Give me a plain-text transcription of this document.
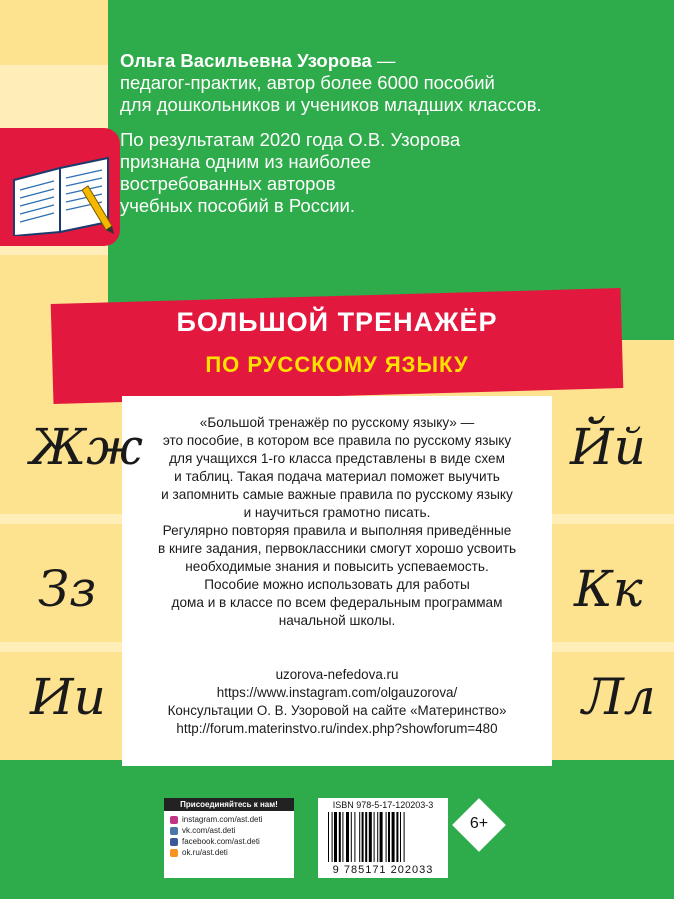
Ольга Васильевна Узорова —
педагог-практик, автор более 6000 пособий
для дошкольников и учеников младших классов.

По результатам 2020 года О.В. Узорова
признана одним из наиболее
востребованных авторов
учебных пособий в России.

БОЛЬШОЙ ТРЕНАЖЁР
ПО РУССКОМУ ЯЗЫКУ
«Большой тренажёр по русскому языку» —
это пособие, в котором все правила по русскому языку
для учащихся 1-го класса представлены в виде схем
и таблиц. Такая подача материал поможет выучить
и запомнить самые важные правила по русскому языку
и научиться грамотно писать.
Регулярно повторяя правила и выполняя приведённые
в книге задания, первоклассники смогут хорошо усвоить
необходимые знания и повысить успеваемость.
Пособие можно использовать для работы
дома и в классе по всем федеральным программам
начальной школы.
uzorova-nefedova.ru
https://www.instagram.com/olgauzorova/
Консультации О. В. Узоровой на сайте «Материнство»
http://forum.materinstvo.ru/index.php?showforum=480
Жж
Зз
Ии
Йй
Кк
Лл
Присоединяйтесь к нам!
instagram.com/ast.deti
vk.com/ast.deti
facebook.com/ast.deti
ok.ru/ast.deti
ISBN 978-5-17-120203-3
9 785171 202033
6+
